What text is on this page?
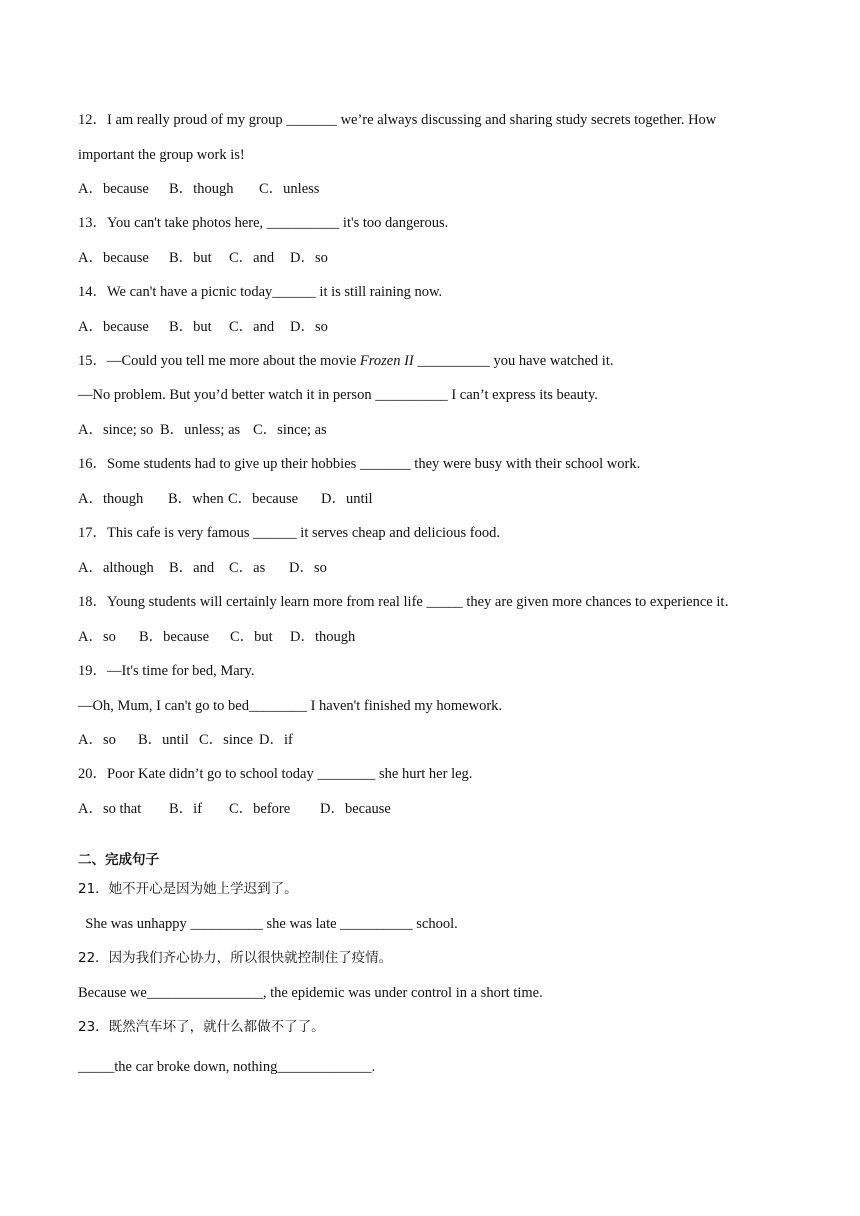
12．I am really proud of my group _______ we’re always discussing and sharing study secrets together. How
important the group work is!
A．because B．though C．unless
13．You can't take photos here, __________ it's too dangerous.
A．because B．but C．and D．so
14．We can't have a picnic today______ it is still raining now.
A．because B．but C．and D．so
15．—Could you tell me more about the movie Frozen II __________ you have watched it.
—No problem. But you’d better watch it in person __________ I can’t express its beauty.
A．since; so B．unless; as C．since; as
16．Some students had to give up their hobbies _______ they were busy with their school work.
A．though B．when C．because D．until
17．This cafe is very famous ______ it serves cheap and delicious food.
A．although B．and C．as D．so
18．Young students will certainly learn more from real life _____ they are given more chances to experience it．
A．so B．because C．but D．though
19．—It's time for bed, Mary.
—Oh, Mum, I can't go to bed________ I haven't finished my homework.
A．so B．until C．since D．if
20．Poor Kate didn’t go to school today ________ she hurt her leg.
A．so that B．if C．before D．because
二、完成句子
21．她不开心是因为她上学迟到了。
She was unhappy __________ she was late __________ school.
22．因为我们齐心协力，所以很快就控制住了疫情。
Because we________________, the epidemic was under control in a short time.
23．既然汽车坏了，就什么都做不了了。
_____the car broke down, nothing_____________.
